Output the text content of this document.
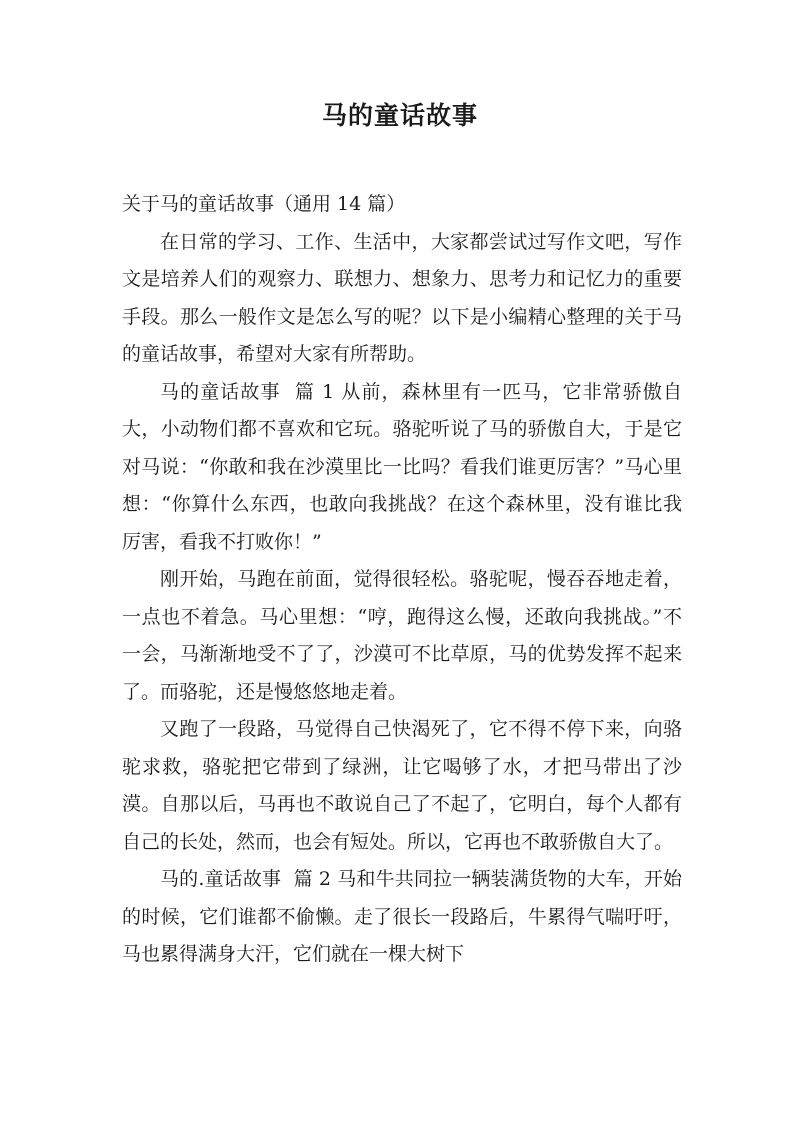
马的童话故事

关于马的童话故事（通用 14 篇）

在日常的学习、工作、生活中，大家都尝试过写作文吧，写作文是培养人们的观察力、联想力、想象力、思考力和记忆力的重要手段。那么一般作文是怎么写的呢？以下是小编精心整理的关于马的童话故事，希望对大家有所帮助。

马的童话故事  篇 1 从前，森林里有一匹马，它非常骄傲自大，小动物们都不喜欢和它玩。骆驼听说了马的骄傲自大，于是它对马说：“你敢和我在沙漠里比一比吗？看我们谁更厉害？”马心里想：“你算什么东西，也敢向我挑战？在这个森林里，没有谁比我厉害，看我不打败你！”

刚开始，马跑在前面，觉得很轻松。骆驼呢，慢吞吞地走着，一点也不着急。马心里想：“哼，跑得这么慢，还敢向我挑战。”不一会，马渐渐地受不了了，沙漠可不比草原，马的优势发挥不起来了。而骆驼，还是慢悠悠地走着。

又跑了一段路，马觉得自己快渴死了，它不得不停下来，向骆驼求救，骆驼把它带到了绿洲，让它喝够了水，才把马带出了沙漠。自那以后，马再也不敢说自己了不起了，它明白，每个人都有自己的长处，然而，也会有短处。所以，它再也不敢骄傲自大了。

马的.童话故事  篇 2 马和牛共同拉一辆装满货物的大车，开始的时候，它们谁都不偷懒。走了很长一段路后，牛累得气喘吁吁，马也累得满身大汗，它们就在一棵大树下
